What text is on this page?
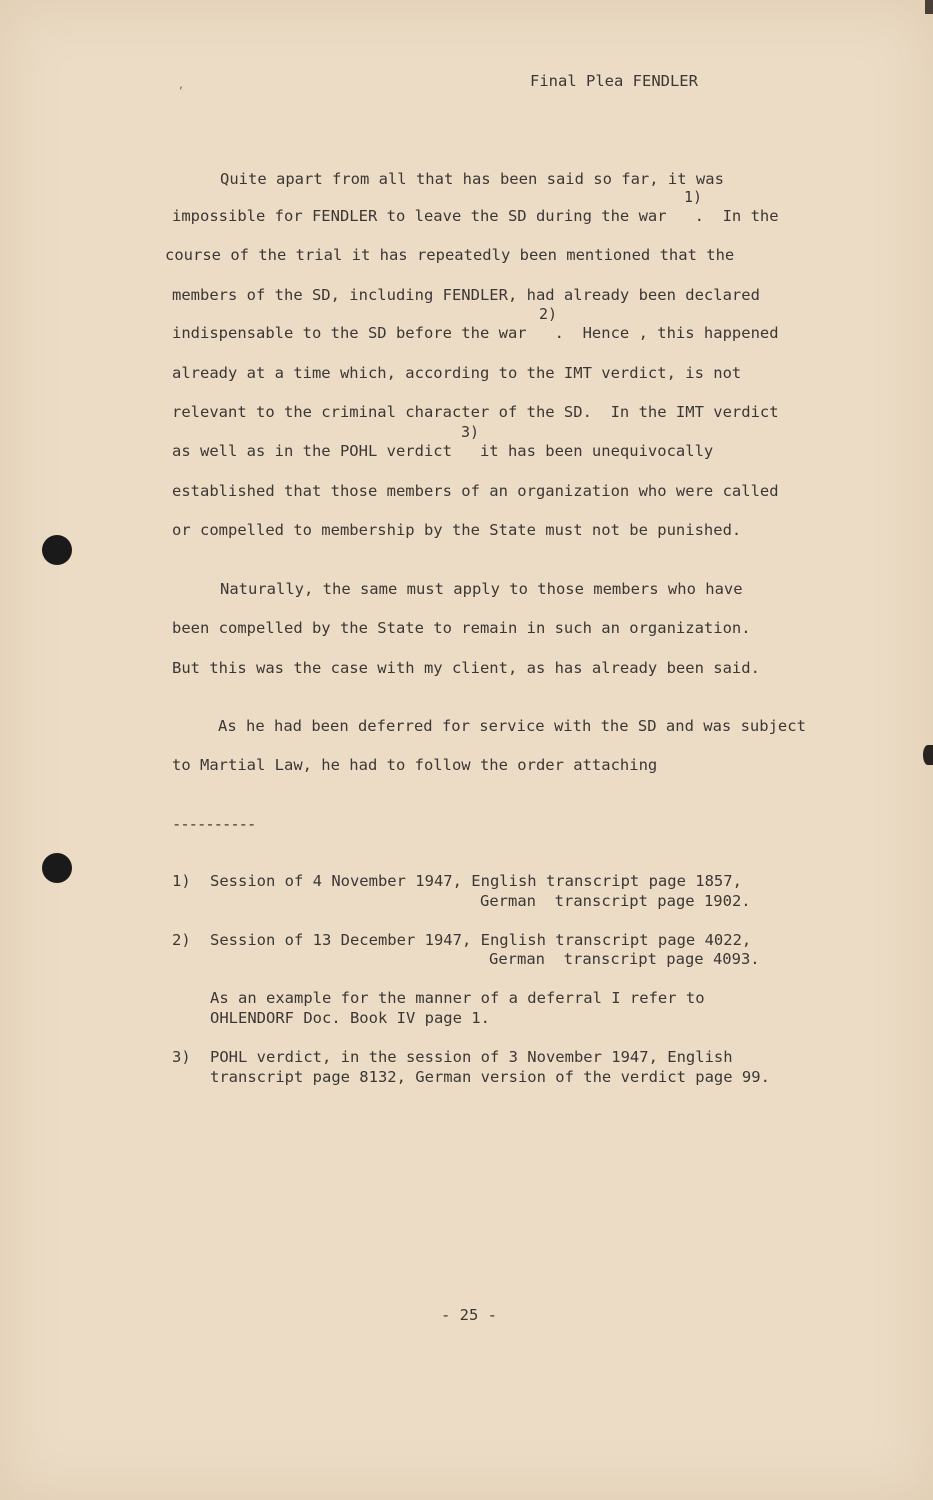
,	Final Plea FENDLER
Quite apart from all that has been said so far, it was
1)
impossible for FENDLER to leave the SD during the war   .  In the
course of the trial it has repeatedly been mentioned that the
members of the SD, including FENDLER, had already been declared
2)
indispensable to the SD before the war   .  Hence , this happened
already at a time which, according to the IMT verdict, is not
relevant to the criminal character of the SD.  In the IMT verdict
3)
as well as in the POHL verdict   it has been unequivocally
established that those members of an organization who were called
or compelled to membership by the State must not be punished.
Naturally, the same must apply to those members who have
been compelled by the State to remain in such an organization.
But this was the case with my client, as has already been said.
As he had been deferred for service with the SD and was subject
to Martial Law, he had to follow the order attaching
----------
1) Session of 4 November 1947, English transcript page 1857,
German  transcript page 1902.
2) Session of 13 December 1947, English transcript page 4022,
German  transcript page 4093.
As an example for the manner of a deferral I refer to
OHLENDORF Doc. Book IV page 1.
3) POHL verdict, in the session of 3 November 1947, English
transcript page 8132, German version of the verdict page 99.
- 25 -
